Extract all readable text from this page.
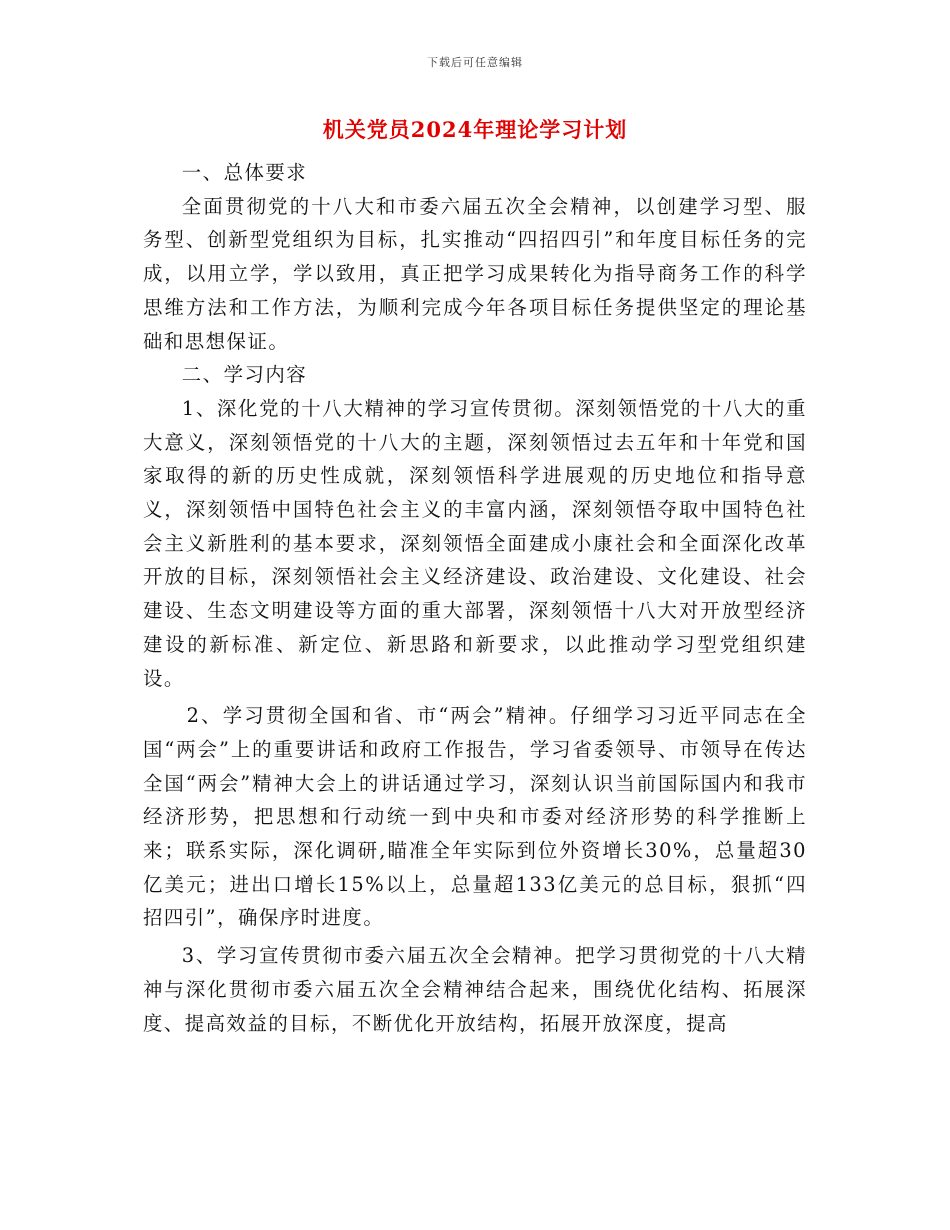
下载后可任意编辑
机关党员2024年理论学习计划

一、总体要求

全面贯彻党的十八大和市委六届五次全会精神，以创建学习型、服务型、创新型党组织为目标，扎实推动“四招四引”和年度目标任务的完成，以用立学，学以致用，真正把学习成果转化为指导商务工作的科学思维方法和工作方法，为顺利完成今年各项目标任务提供坚定的理论基础和思想保证。

二、学习内容

1、深化党的十八大精神的学习宣传贯彻。深刻领悟党的十八大的重大意义，深刻领悟党的十八大的主题，深刻领悟过去五年和十年党和国家取得的新的历史性成就，深刻领悟科学进展观的历史地位和指导意义，深刻领悟中国特色社会主义的丰富内涵，深刻领悟夺取中国特色社会主义新胜利的基本要求，深刻领悟全面建成小康社会和全面深化改革开放的目标，深刻领悟社会主义经济建设、政治建设、文化建设、社会建设、生态文明建设等方面的重大部署，深刻领悟十八大对开放型经济建设的新标准、新定位、新思路和新要求，以此推动学习型党组织建设。

2、学习贯彻全国和省、市“两会”精神。仔细学习习近平同志在全国“两会”上的重要讲话和政府工作报告，学习省委领导、市领导在传达全国“两会”精神大会上的讲话通过学习，深刻认识当前国际国内和我市经济形势，把思想和行动统一到中央和市委对经济形势的科学推断上来；联系实际，深化调研,瞄准全年实际到位外资增长30%，总量超30亿美元；进出口增长15%以上，总量超133亿美元的总目标，狠抓“四招四引”，确保序时进度。

3、学习宣传贯彻市委六届五次全会精神。把学习贯彻党的十八大精神与深化贯彻市委六届五次全会精神结合起来，围绕优化结构、拓展深度、提高效益的目标，不断优化开放结构，拓展开放深度，提高
